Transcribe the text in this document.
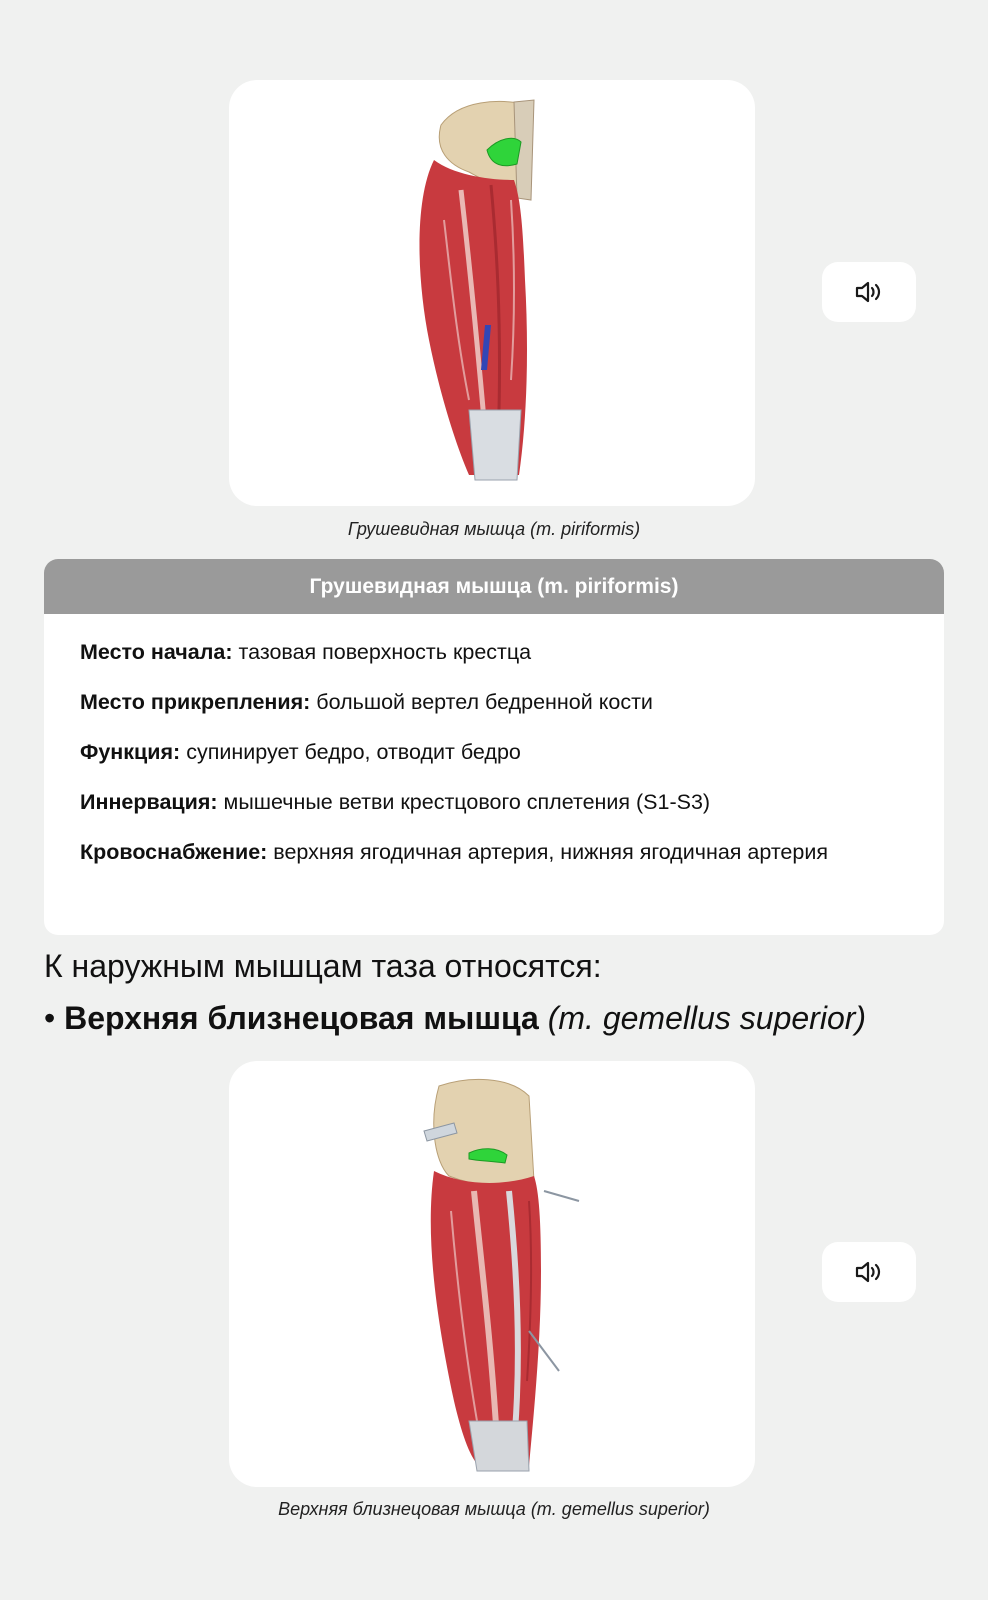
Грушевидная мышца (m. piriformis)
Грушевидная мышца (m. piriformis)
Место начала: тазовая поверхность крестца
Место прикрепления: большой вертел бедренной кости
Функция: супинирует бедро, отводит бедро
Иннервация: мышечные ветви крестцового сплетения (S1-S3)
Кровоснабжение: верхняя ягодичная артерия, нижняя ягодичная артерия
К наружным мышцам таза относятся:
• Верхняя близнецовая мышца (m. gemellus superior)
Верхняя близнецовая мышца (m. gemellus superior)
